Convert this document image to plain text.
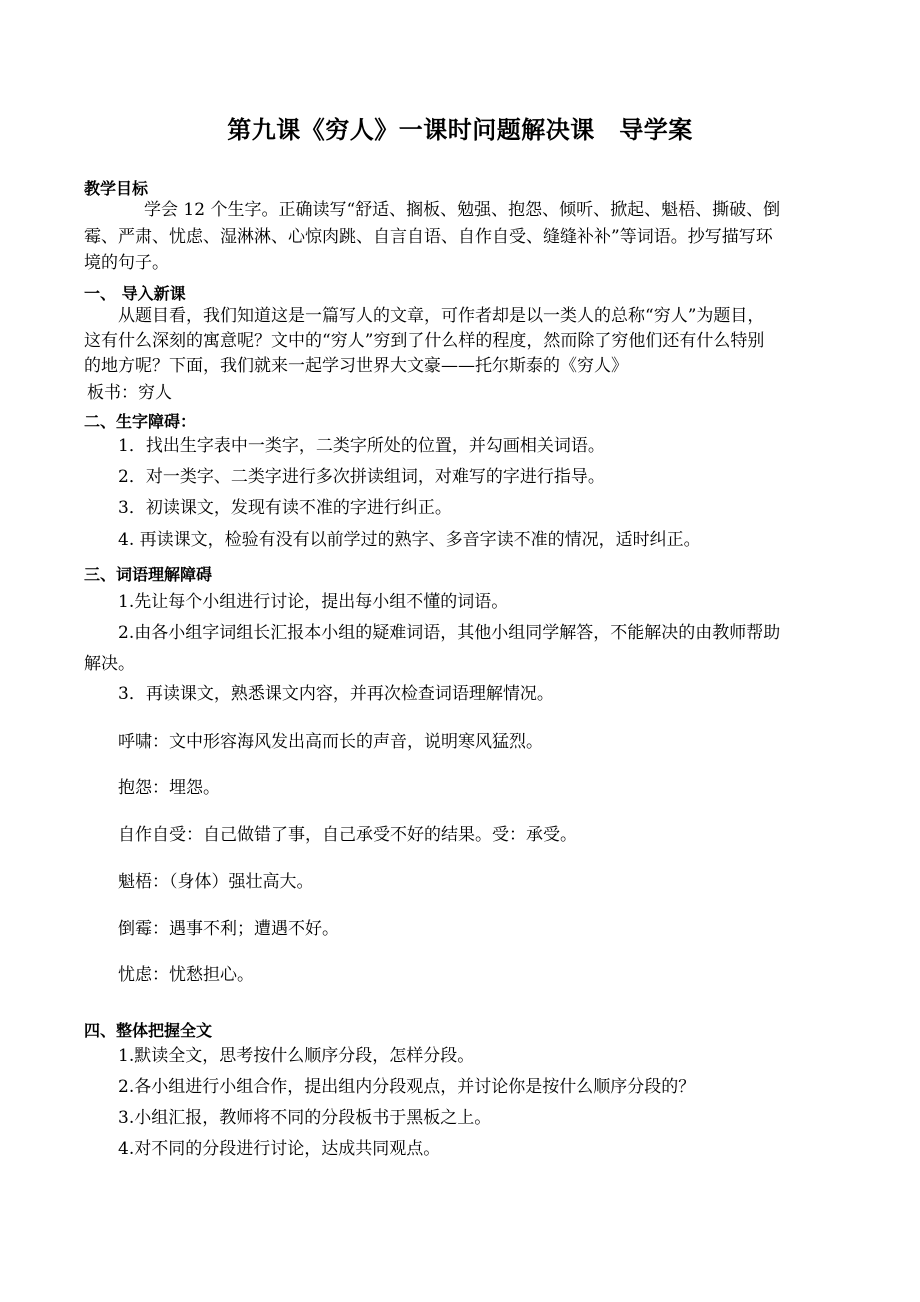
第九课《穷人》一课时问题解决课　导学案
教学目标
学会 12 个生字。正确读写“舒适、搁板、勉强、抱怨、倾听、掀起、魁梧、撕破、倒
霉、严肃、忧虑、湿淋淋、心惊肉跳、自言自语、自作自受、缝缝补补”等词语。抄写描写环
境的句子。
一、 导入新课
从题目看，我们知道这是一篇写人的文章，可作者却是以一类人的总称“穷人”为题目，
这有什么深刻的寓意呢？文中的“穷人”穷到了什么样的程度，然而除了穷他们还有什么特别
的地方呢？下面，我们就来一起学习世界大文豪——托尔斯泰的《穷人》
板书：穷人
二、生字障碍：
1．找出生字表中一类字，二类字所处的位置，并勾画相关词语。
2．对一类字、二类字进行多次拼读组词，对难写的字进行指导。
3．初读课文，发现有读不准的字进行纠正。
4. 再读课文，检验有没有以前学过的熟字、多音字读不准的情况，适时纠正。
三、词语理解障碍
1.先让每个小组进行讨论，提出每小组不懂的词语。
2.由各小组字词组长汇报本小组的疑难词语，其他小组同学解答，不能解决的由教师帮助
解决。
3．再读课文，熟悉课文内容，并再次检查词语理解情况。
呼啸：文中形容海风发出高而长的声音，说明寒风猛烈。
抱怨：埋怨。
自作自受：自己做错了事，自己承受不好的结果。受：承受。
魁梧：（身体）强壮高大。
倒霉：遇事不利；遭遇不好。
忧虑：忧愁担心。
四、整体把握全文
1.默读全文，思考按什么顺序分段，怎样分段。
2.各小组进行小组合作，提出组内分段观点，并讨论你是按什么顺序分段的？
3.小组汇报，教师将不同的分段板书于黑板之上。
4.对不同的分段进行讨论，达成共同观点。
